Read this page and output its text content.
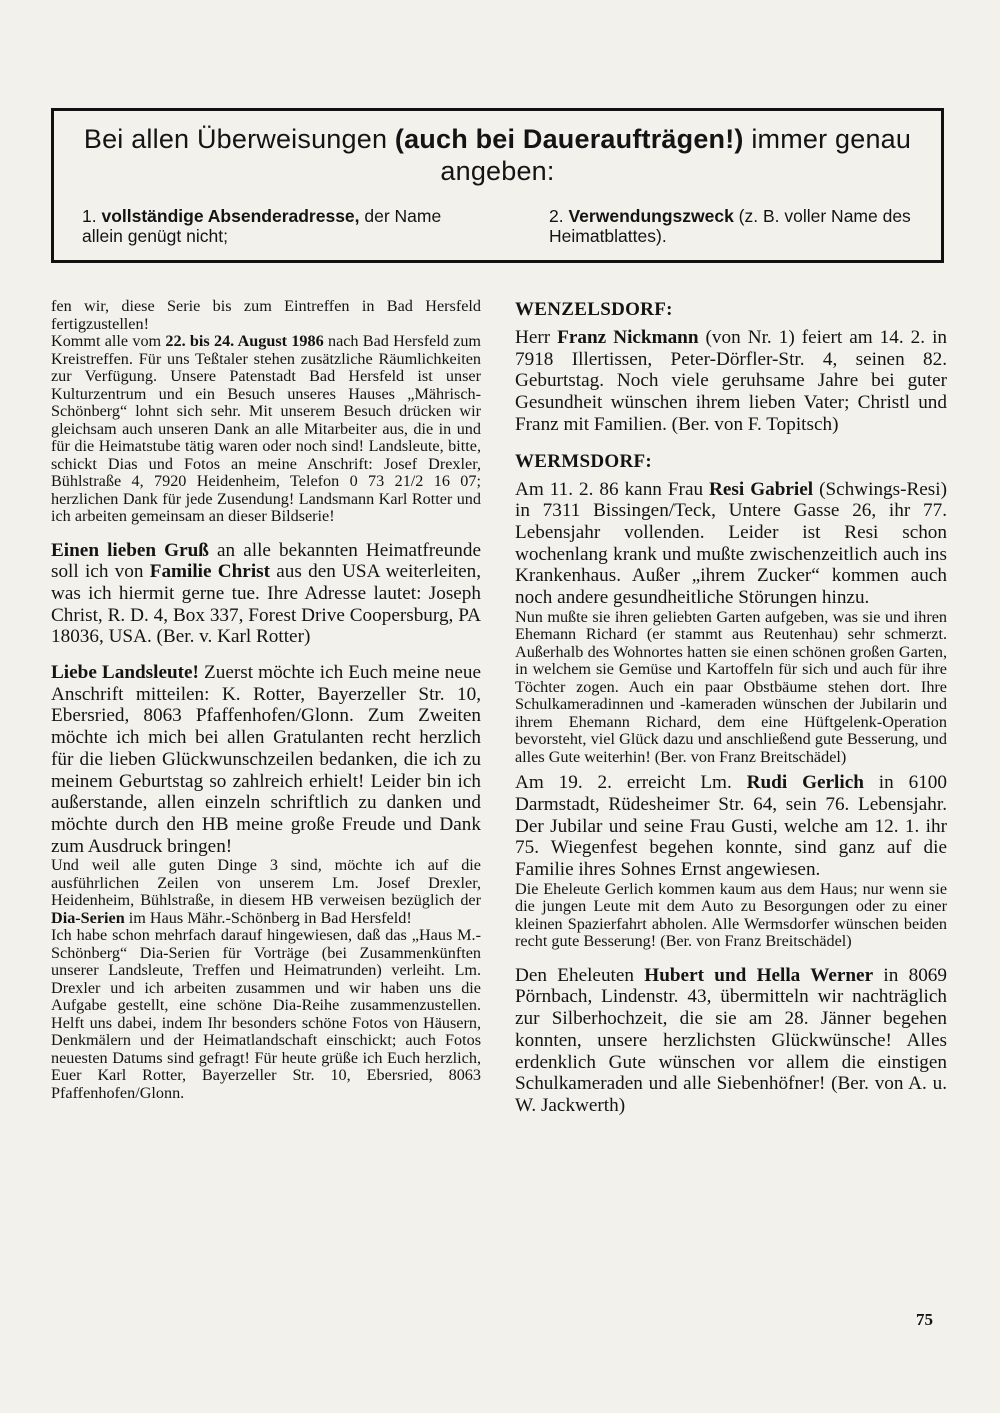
Bei allen Überweisungen (auch bei Daueraufträgen!) immer genau angeben:
1. vollständige Absenderadresse, der Name allein genügt nicht;
2. Verwendungszweck (z. B. voller Name des Heimatblattes).

fen wir, diese Serie bis zum Eintreffen in Bad Hersfeld fertigzustellen!

Kommt alle vom 22. bis 24. August 1986 nach Bad Hersfeld zum Kreistreffen. Für uns Teßtaler stehen zusätzliche Räumlichkeiten zur Verfügung. Unsere Patenstadt Bad Hersfeld ist unser Kulturzentrum und ein Besuch unseres Hauses „Mährisch-Schönberg“ lohnt sich sehr. Mit unserem Besuch drücken wir gleichsam auch unseren Dank an alle Mitarbeiter aus, die in und für die Heimatstube tätig waren oder noch sind! Landsleute, bitte, schickt Dias und Fotos an meine Anschrift: Josef Drexler, Bühlstraße 4, 7920 Heidenheim, Telefon 0 73 21/2 16 07; herzlichen Dank für jede Zusendung! Landsmann Karl Rotter und ich arbeiten gemeinsam an dieser Bildserie!

Einen lieben Gruß an alle bekannten Heimatfreunde soll ich von Familie Christ aus den USA weiterleiten, was ich hiermit gerne tue. Ihre Adresse lautet: Joseph Christ, R. D. 4, Box 337, Forest Drive Coopersburg, PA 18036, USA. (Ber. v. Karl Rotter)

Liebe Landsleute! Zuerst möchte ich Euch meine neue Anschrift mitteilen: K. Rotter, Bayerzeller Str. 10, Ebersried, 8063 Pfaffenhofen/Glonn. Zum Zweiten möchte ich mich bei allen Gratulanten recht herzlich für die lieben Glückwunschzeilen bedanken, die ich zu meinem Geburtstag so zahlreich erhielt! Leider bin ich außerstande, allen einzeln schriftlich zu danken und möchte durch den HB meine große Freude und Dank zum Ausdruck bringen!

Und weil alle guten Dinge 3 sind, möchte ich auf die ausführlichen Zeilen von unserem Lm. Josef Drexler, Heidenheim, Bühlstraße, in diesem HB verweisen bezüglich der Dia-Serien im Haus Mähr.-Schönberg in Bad Hersfeld!

Ich habe schon mehrfach darauf hingewiesen, daß das „Haus M.-Schönberg“ Dia-Serien für Vorträge (bei Zusammenkünften unserer Landsleute, Treffen und Heimatrunden) verleiht. Lm. Drexler und ich arbeiten zusammen und wir haben uns die Aufgabe gestellt, eine schöne Dia-Reihe zusammenzustellen. Helft uns dabei, indem Ihr besonders schöne Fotos von Häusern, Denkmälern und der Heimatlandschaft einschickt; auch Fotos neuesten Datums sind gefragt! Für heute grüße ich Euch herzlich, Euer Karl Rotter, Bayerzeller Str. 10, Ebersried, 8063 Pfaffenhofen/Glonn.

WENZELSDORF:

Herr Franz Nickmann (von Nr. 1) feiert am 14. 2. in 7918 Illertissen, Peter-Dörfler-Str. 4, seinen 82. Geburtstag. Noch viele geruhsame Jahre bei guter Gesundheit wünschen ihrem lieben Vater; Christl und Franz mit Familien. (Ber. von F. Topitsch)

WERMSDORF:

Am 11. 2. 86 kann Frau Resi Gabriel (Schwings-Resi) in 7311 Bissingen/Teck, Untere Gasse 26, ihr 77. Lebensjahr vollenden. Leider ist Resi schon wochenlang krank und mußte zwischenzeitlich auch ins Krankenhaus. Außer „ihrem Zucker“ kommen auch noch andere gesundheitliche Störungen hinzu.

Nun mußte sie ihren geliebten Garten aufgeben, was sie und ihren Ehemann Richard (er stammt aus Reutenhau) sehr schmerzt. Außerhalb des Wohnortes hatten sie einen schönen großen Garten, in welchem sie Gemüse und Kartoffeln für sich und auch für ihre Töchter zogen. Auch ein paar Obstbäume stehen dort. Ihre Schulkameradinnen und -kameraden wünschen der Jubilarin und ihrem Ehemann Richard, dem eine Hüftgelenk-Operation bevorsteht, viel Glück dazu und anschließend gute Besserung, und alles Gute weiterhin! (Ber. von Franz Breitschädel)

Am 19. 2. erreicht Lm. Rudi Gerlich in 6100 Darmstadt, Rüdesheimer Str. 64, sein 76. Lebensjahr. Der Jubilar und seine Frau Gusti, welche am 12. 1. ihr 75. Wiegenfest begehen konnte, sind ganz auf die Familie ihres Sohnes Ernst angewiesen.

Die Eheleute Gerlich kommen kaum aus dem Haus; nur wenn sie die jungen Leute mit dem Auto zu Besorgungen oder zu einer kleinen Spazierfahrt abholen. Alle Wermsdorfer wünschen beiden recht gute Besserung! (Ber. von Franz Breitschädel)

Den Eheleuten Hubert und Hella Werner in 8069 Pörnbach, Lindenstr. 43, übermitteln wir nachträglich zur Silberhochzeit, die sie am 28. Jänner begehen konnten, unsere herzlichsten Glückwünsche! Alles erdenklich Gute wünschen vor allem die einstigen Schulkameraden und alle Siebenhöfner! (Ber. von A. u. W. Jackwerth)

75
